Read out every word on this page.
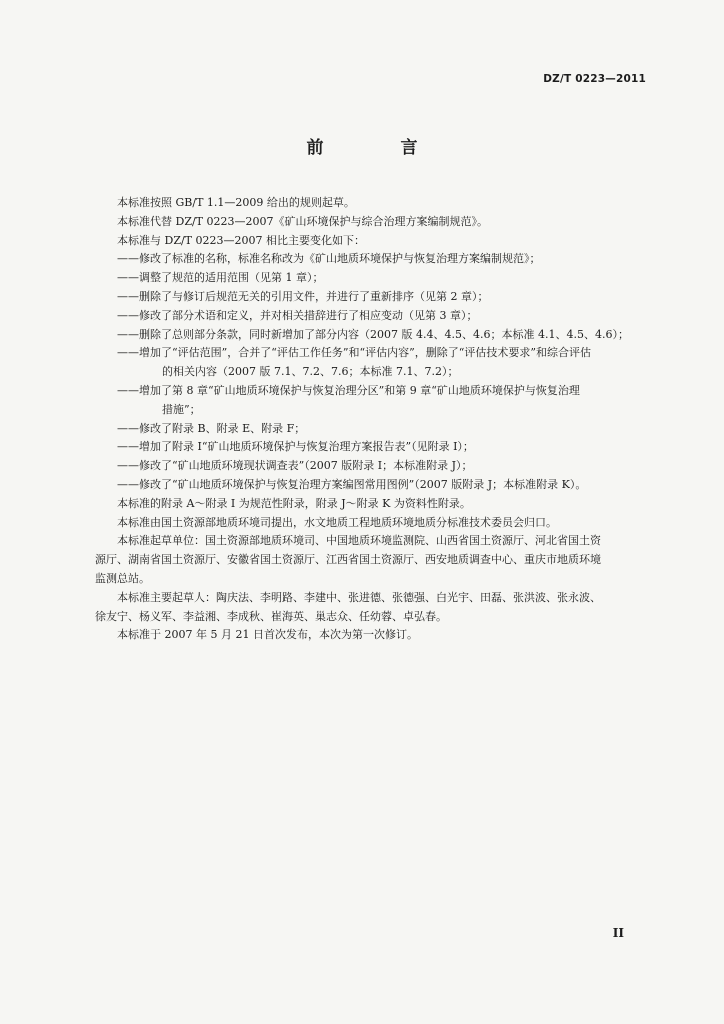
DZ/T 0223—2011
前　言

本标准按照 GB/T 1.1—2009 给出的规则起草。

本标准代替 DZ/T 0223—2007《矿山环境保护与综合治理方案编制规范》。

本标准与 DZ/T 0223—2007 相比主要变化如下：

——修改了标准的名称，标准名称改为《矿山地质环境保护与恢复治理方案编制规范》；

——调整了规范的适用范围（见第 1 章）；

——删除了与修订后规范无关的引用文件，并进行了重新排序（见第 2 章）；

——修改了部分术语和定义，并对相关措辞进行了相应变动（见第 3 章）；

——删除了总则部分条款，同时新增加了部分内容（2007 版 4.4、4.5、4.6；本标准 4.1、4.5、4.6）；

——增加了“评估范围”，合并了“评估工作任务”和“评估内容”，删除了“评估技术要求”和综合评估

的相关内容（2007 版 7.1、7.2、7.6；本标准 7.1、7.2）；

——增加了第 8 章“矿山地质环境保护与恢复治理分区”和第 9 章“矿山地质环境保护与恢复治理

措施”；

——修改了附录 B、附录 E、附录 F；

——增加了附录 I“矿山地质环境保护与恢复治理方案报告表”（见附录 I）；

——修改了“矿山地质环境现状调查表”（2007 版附录 I；本标准附录 J）；

——修改了“矿山地质环境保护与恢复治理方案编图常用图例”（2007 版附录 J；本标准附录 K）。

本标准的附录 A～附录 I 为规范性附录，附录 J～附录 K 为资料性附录。

本标准由国土资源部地质环境司提出，水文地质工程地质环境地质分标准技术委员会归口。

本标准起草单位：国土资源部地质环境司、中国地质环境监测院、山西省国土资源厅、河北省国土资

源厅、湖南省国土资源厅、安徽省国土资源厅、江西省国土资源厅、西安地质调查中心、重庆市地质环境

监测总站。

本标准主要起草人：陶庆法、李明路、李建中、张进德、张德强、白光宇、田磊、张洪波、张永波、

徐友宁、杨义军、李益湘、李成秋、崔海英、巢志众、任幼蓉、卓弘春。

本标准于 2007 年 5 月 21 日首次发布，本次为第一次修订。

II
